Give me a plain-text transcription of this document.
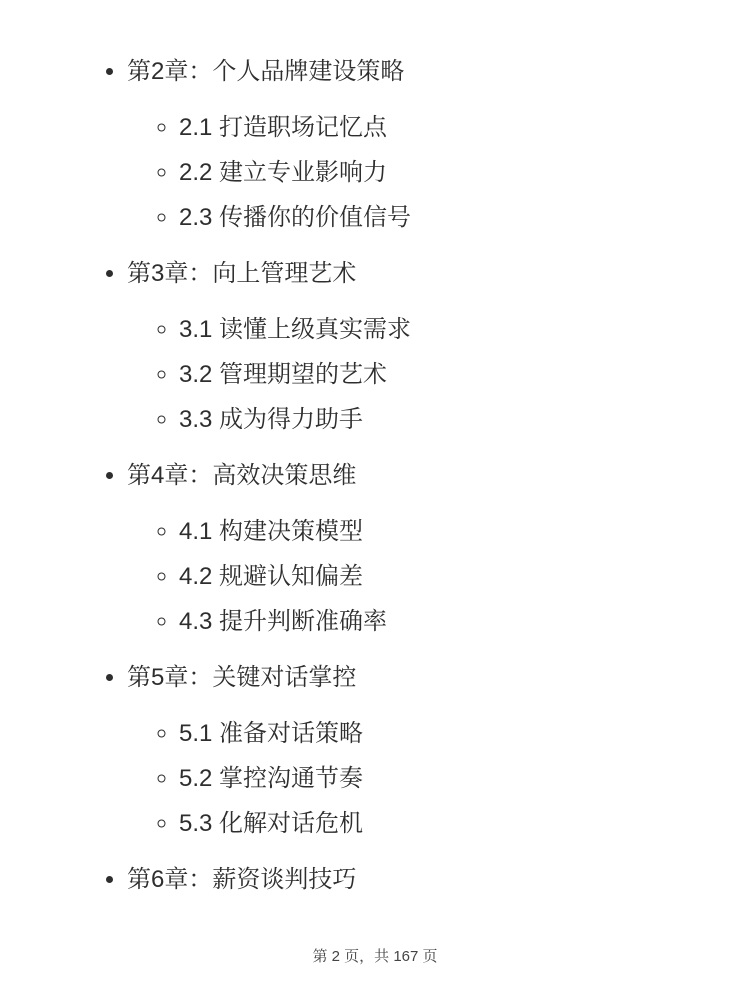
• 第2章：个人品牌建设策略
◦ 2.1 打造职场记忆点
◦ 2.2 建立专业影响力
◦ 2.3 传播你的价值信号
• 第3章：向上管理艺术
◦ 3.1 读懂上级真实需求
◦ 3.2 管理期望的艺术
◦ 3.3 成为得力助手
• 第4章：高效决策思维
◦ 4.1 构建决策模型
◦ 4.2 规避认知偏差
◦ 4.3 提升判断准确率
• 第5章：关键对话掌控
◦ 5.1 准备对话策略
◦ 5.2 掌控沟通节奏
◦ 5.3 化解对话危机
• 第6章：薪资谈判技巧
第 2 页，共 167 页
